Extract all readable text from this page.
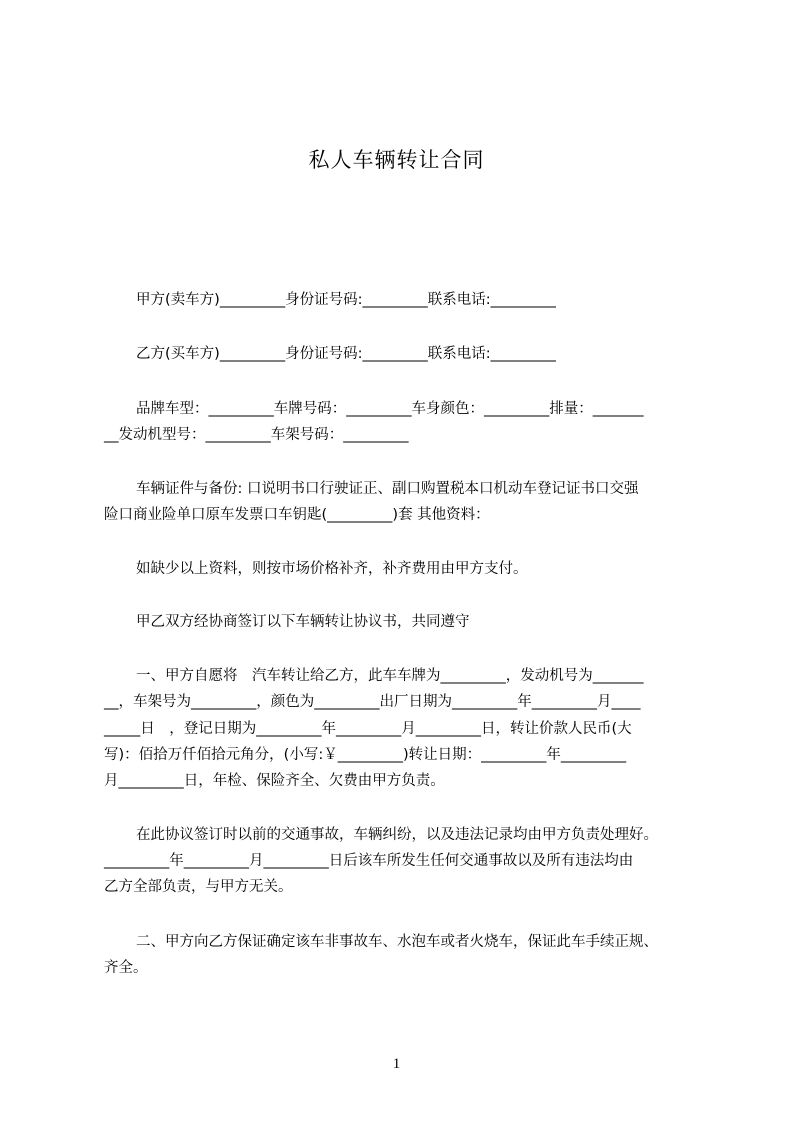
私人车辆转让合同
甲方(卖车方)_________身份证号码:_________联系电话:_________
乙方(买车方)_________身份证号码:_________联系电话:_________
品牌车型：_________车牌号码：_________车身颜色：_________排量：_______
__发动机型号：_________车架号码：_________
车辆证件与备份: 口说明书口行驶证正、副口购置税本口机动车登记证书口交强
险口商业险单口原车发票口车钥匙(_________)套 其他资料：
如缺少以上资料，则按市场价格补齐，补齐费用由甲方支付。
甲乙双方经协商签订以下车辆转让协议书，共同遵守
一、甲方自愿将　汽车转让给乙方，此车车牌为_________，发动机号为_______
__，车架号为_________，颜色为_________出厂日期为_________年_________月____
_____日　，登记日期为_________年_________月_________日，转让价款人民币(大
写)：佰拾万仟佰拾元角分，(小写:￥_________)转让日期：_________年_________
月_________日，年检、保险齐全、欠费由甲方负责。
在此协议签订时以前的交通事故，车辆纠纷，以及违法记录均由甲方负责处理好。
_________年_________月_________日后该车所发生任何交通事故以及所有违法均由
乙方全部负责，与甲方无关。
二、甲方向乙方保证确定该车非事故车、水泡车或者火烧车，保证此车手续正规、
齐全。
1
